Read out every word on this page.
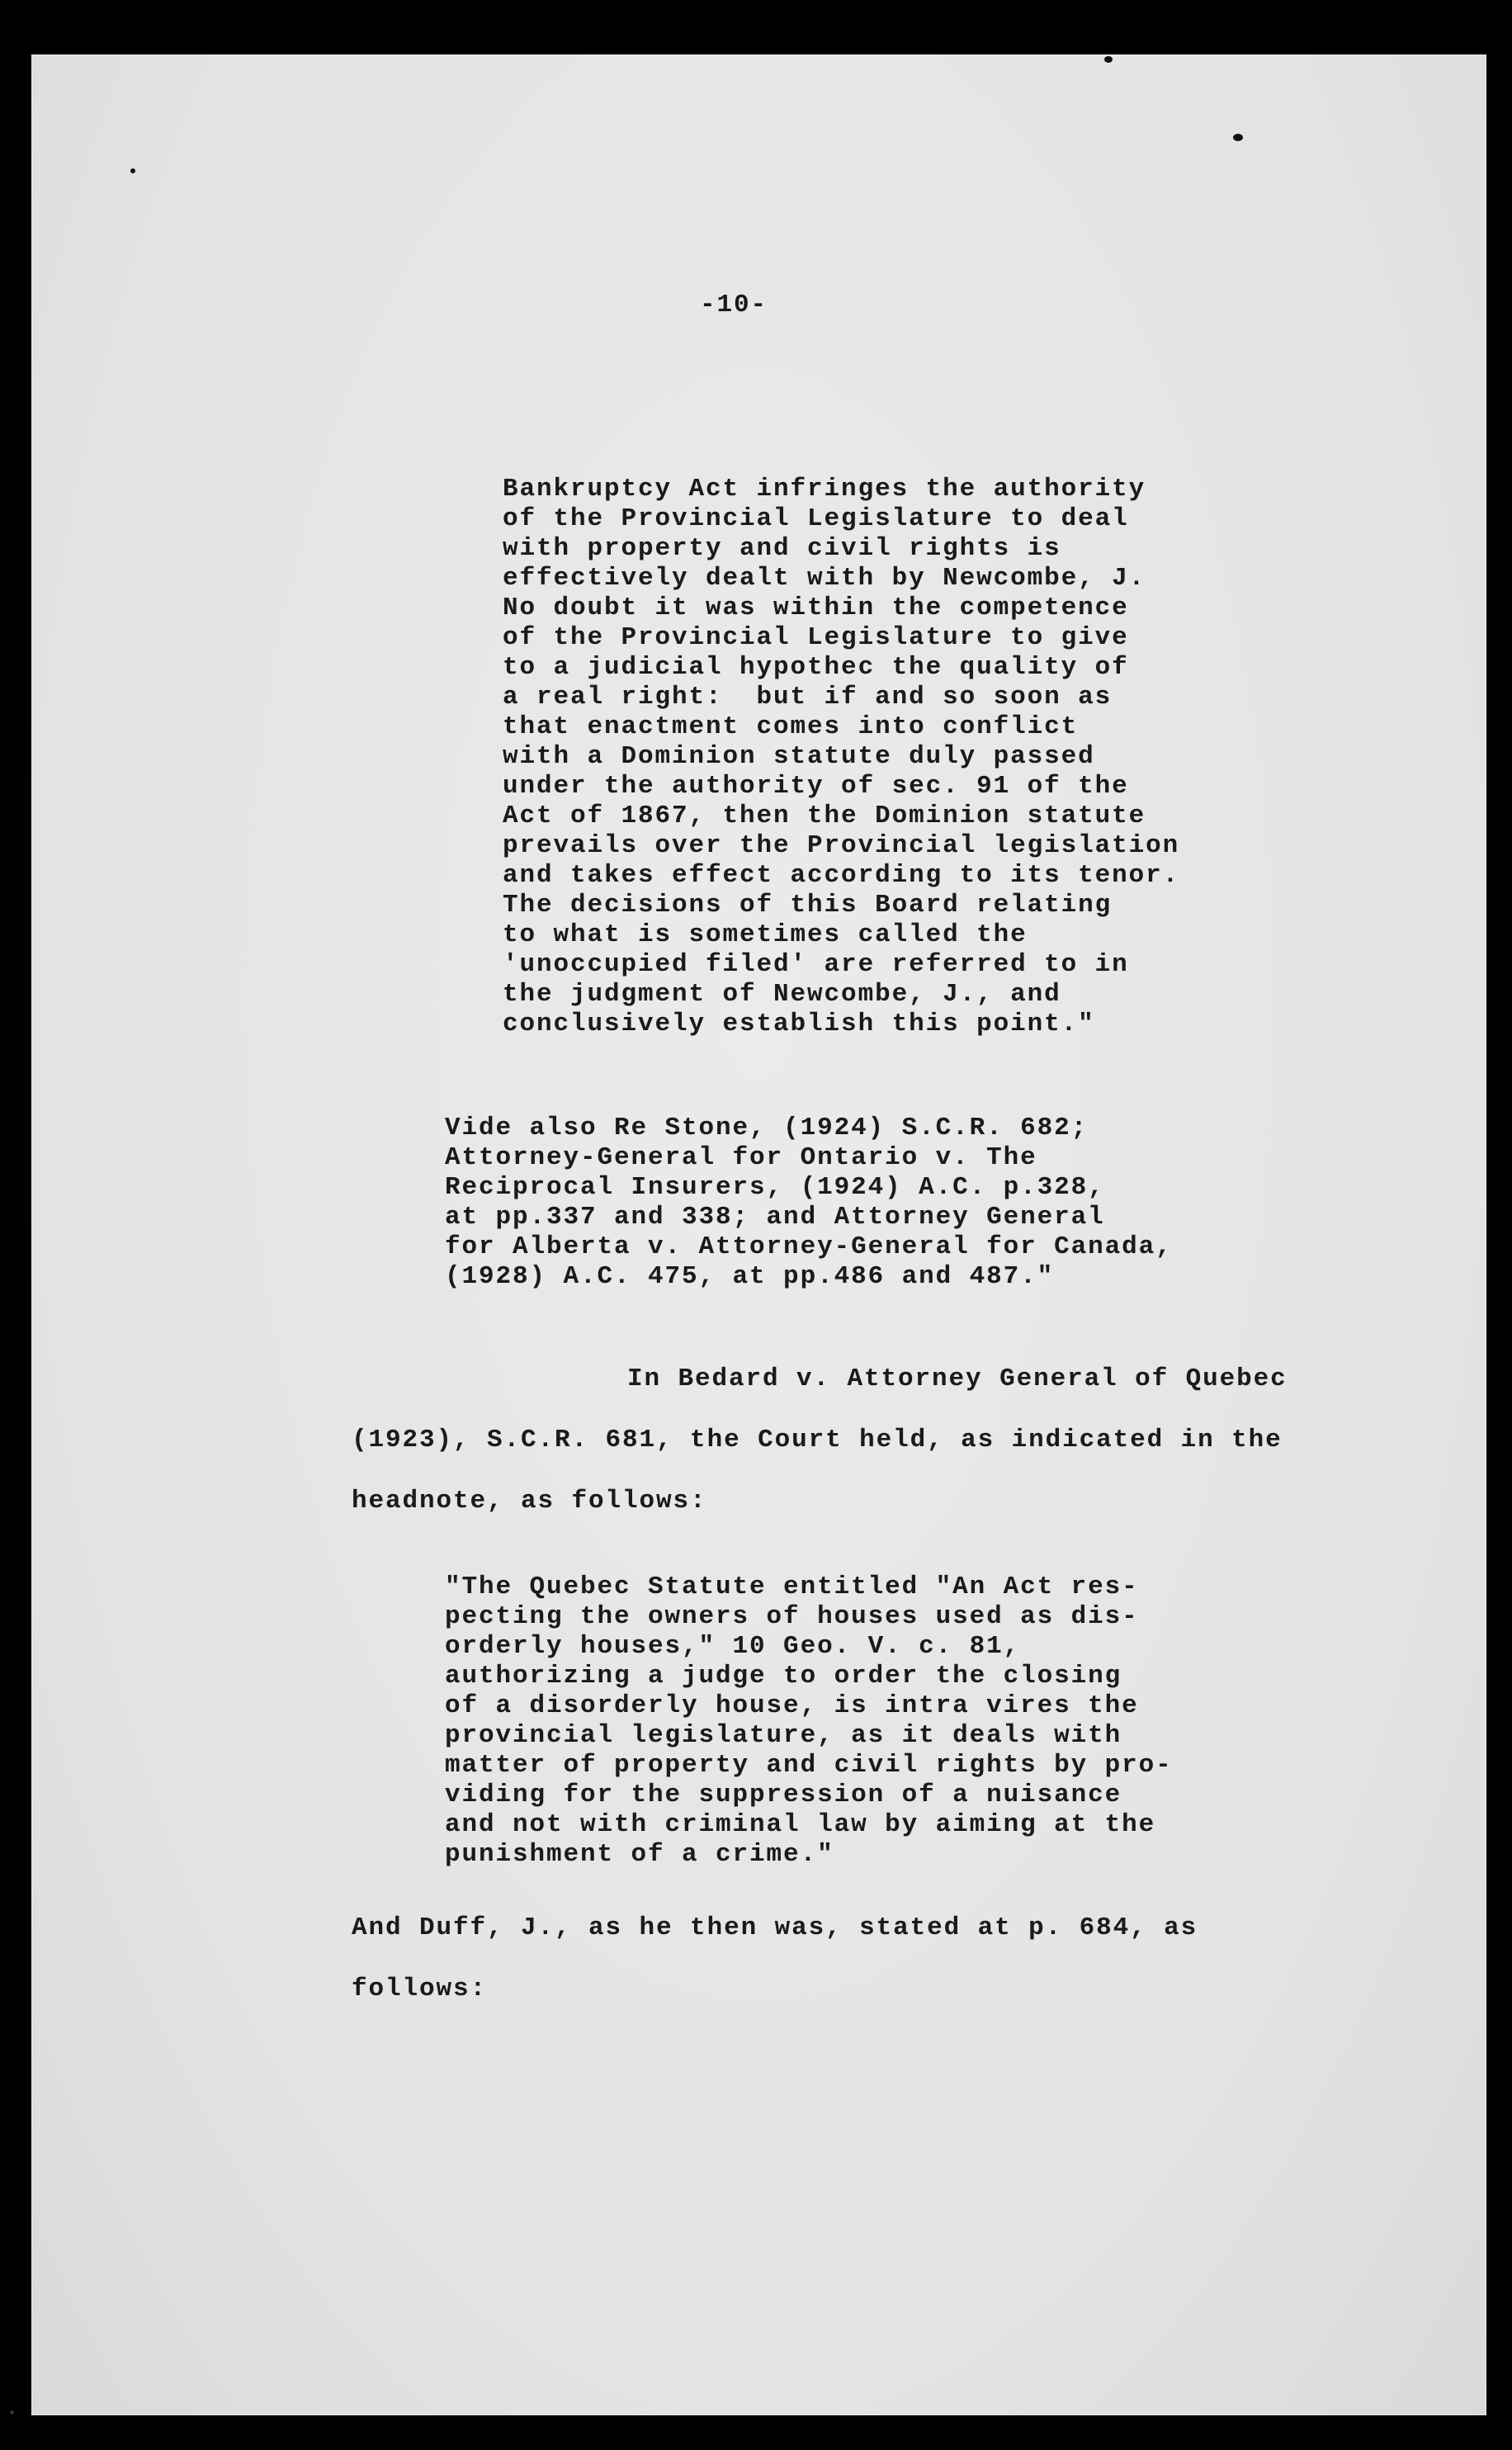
-10-
Bankruptcy Act infringes the authority
of the Provincial Legislature to deal
with property and civil rights is
effectively dealt with by Newcombe, J.
No doubt it was within the competence
of the Provincial Legislature to give
to a judicial hypothec the quality of
a real right:  but if and so soon as
that enactment comes into conflict
with a Dominion statute duly passed
under the authority of sec. 91 of the
Act of 1867, then the Dominion statute
prevails over the Provincial legislation
and takes effect according to its tenor.
The decisions of this Board relating
to what is sometimes called the
'unoccupied filed' are referred to in
the judgment of Newcombe, J., and
conclusively establish this point."
Vide also Re Stone, (1924) S.C.R. 682;
Attorney-General for Ontario v. The
Reciprocal Insurers, (1924) A.C. p.328,
at pp.337 and 338; and Attorney General
for Alberta v. Attorney-General for Canada,
(1928) A.C. 475, at pp.486 and 487."
In Bedard v. Attorney General of Quebec
(1923), S.C.R. 681, the Court held, as indicated in the
headnote, as follows:
"The Quebec Statute entitled "An Act res-
pecting the owners of houses used as dis-
orderly houses," 10 Geo. V. c. 81,
authorizing a judge to order the closing
of a disorderly house, is intra vires the
provincial legislature, as it deals with
matter of property and civil rights by pro-
viding for the suppression of a nuisance
and not with criminal law by aiming at the
punishment of a crime."
And Duff, J., as he then was, stated at p. 684, as
follows:
